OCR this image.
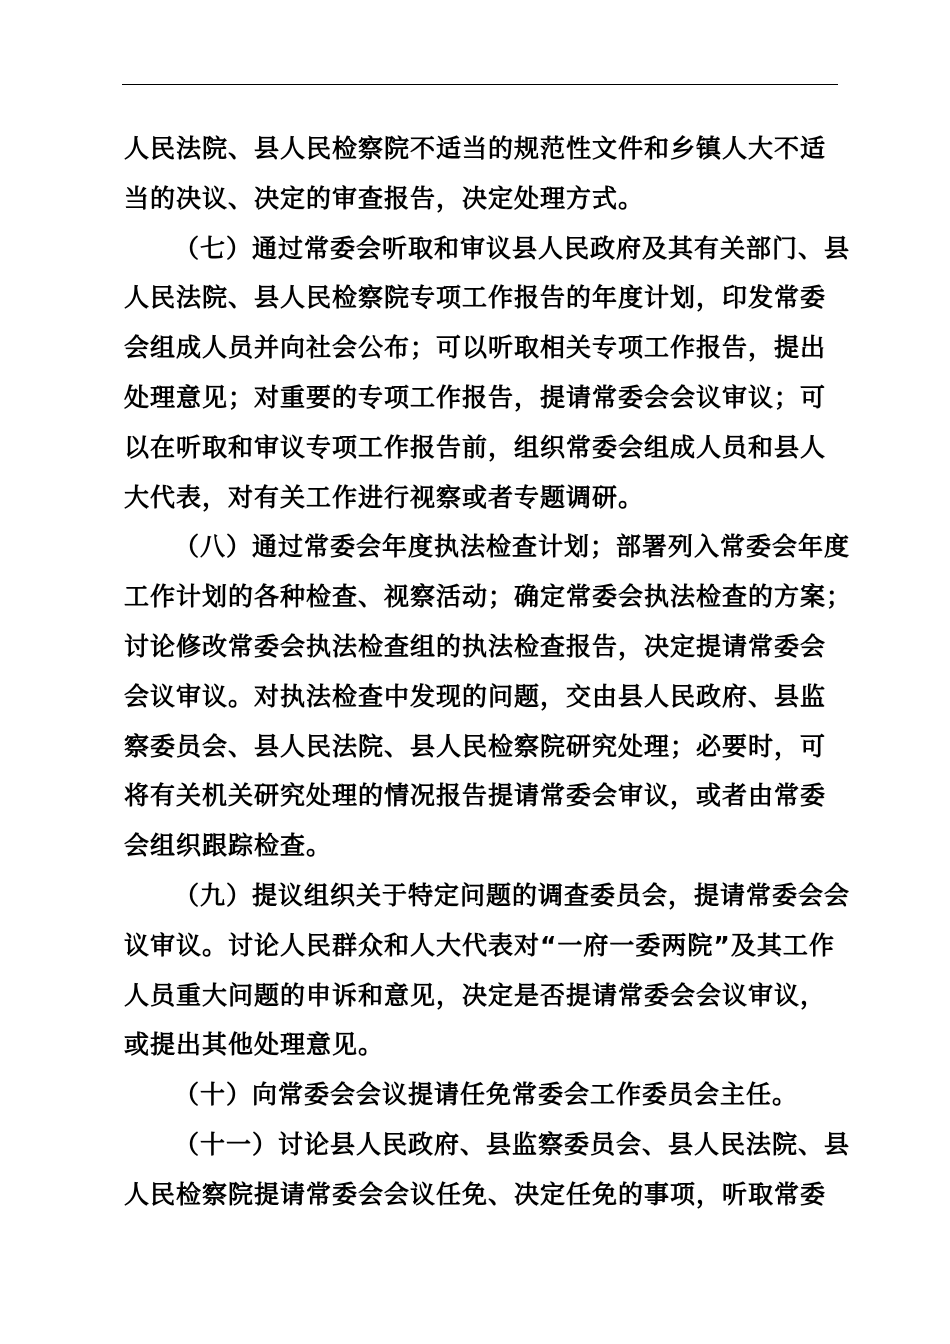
人民法院、县人民检察院不适当的规范性文件和乡镇人大不适
当的决议、决定的审查报告，决定处理方式。
（七）通过常委会听取和审议县人民政府及其有关部门、县
人民法院、县人民检察院专项工作报告的年度计划，印发常委
会组成人员并向社会公布；可以听取相关专项工作报告，提出
处理意见；对重要的专项工作报告，提请常委会会议审议；可
以在听取和审议专项工作报告前，组织常委会组成人员和县人
大代表，对有关工作进行视察或者专题调研。
（八）通过常委会年度执法检查计划；部署列入常委会年度
工作计划的各种检查、视察活动；确定常委会执法检查的方案；
讨论修改常委会执法检查组的执法检查报告，决定提请常委会
会议审议。对执法检查中发现的问题，交由县人民政府、县监
察委员会、县人民法院、县人民检察院研究处理；必要时，可
将有关机关研究处理的情况报告提请常委会审议，或者由常委
会组织跟踪检查。
（九）提议组织关于特定问题的调查委员会，提请常委会会
议审议。讨论人民群众和人大代表对“一府一委两院”及其工作
人员重大问题的申诉和意见，决定是否提请常委会会议审议，
或提出其他处理意见。
（十）向常委会会议提请任免常委会工作委员会主任。
（十一）讨论县人民政府、县监察委员会、县人民法院、县
人民检察院提请常委会会议任免、决定任免的事项，听取常委
